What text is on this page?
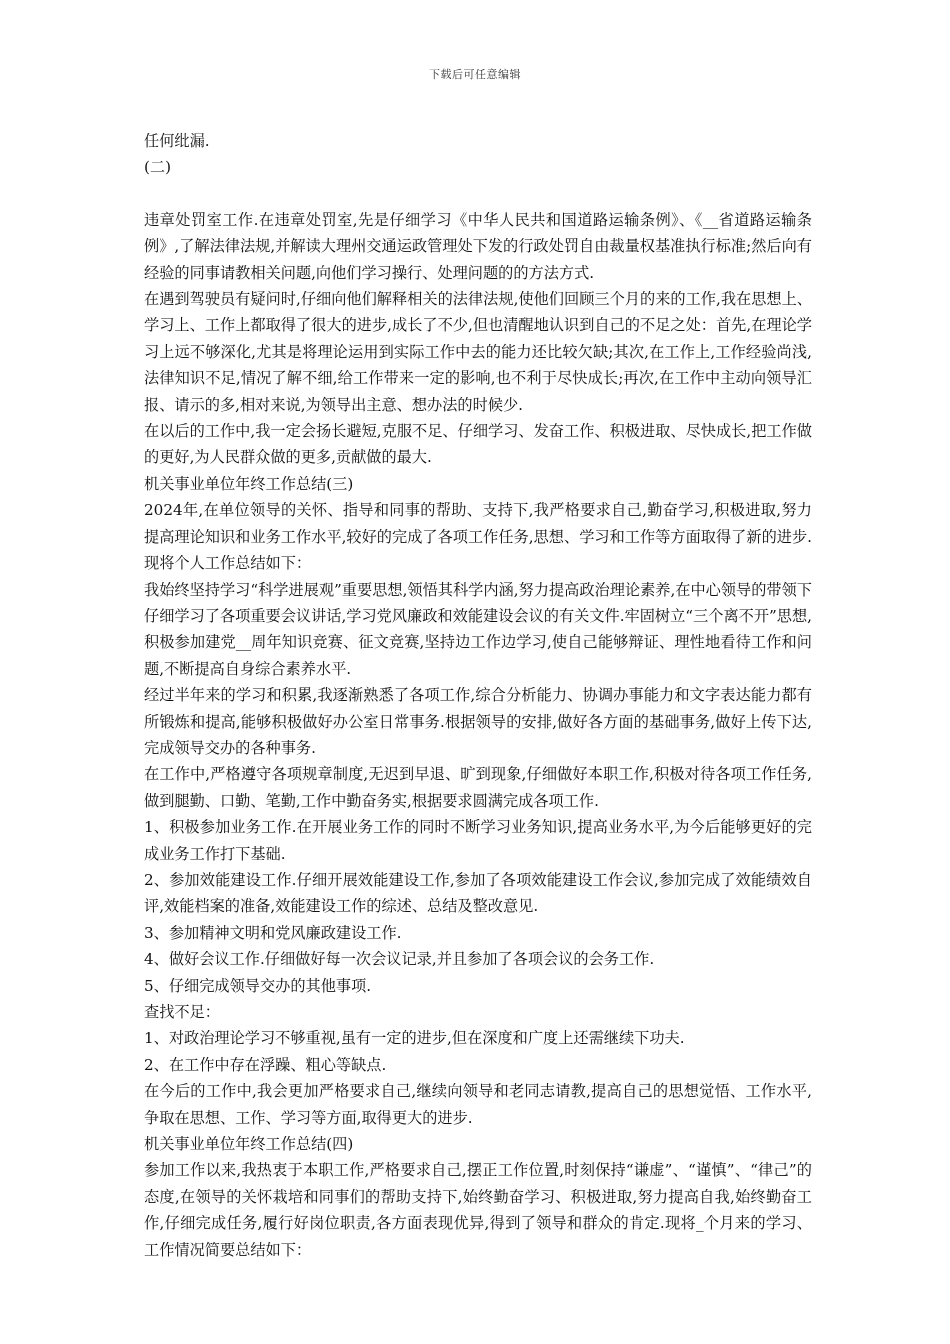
下载后可任意编辑

任何纰漏.

(二)

违章处罚室工作.在违章处罚室,先是仔细学习《中华人民共和国道路运输条例》、《__省道路运输条例》,了解法律法规,并解读大理州交通运政管理处下发的行政处罚自由裁量权基准执行标准;然后向有经验的同事请教相关问题,向他们学习操行、处理问题的的方法方式.

在遇到驾驶员有疑问时,仔细向他们解释相关的法律法规,使他们回顾三个月的来的工作,我在思想上、学习上、工作上都取得了很大的进步,成长了不少,但也清醒地认识到自己的不足之处：首先,在理论学习上远不够深化,尤其是将理论运用到实际工作中去的能力还比较欠缺;其次,在工作上,工作经验尚浅,法律知识不足,情况了解不细,给工作带来一定的影响,也不利于尽快成长;再次,在工作中主动向领导汇报、请示的多,相对来说,为领导出主意、想办法的时候少.

在以后的工作中,我一定会扬长避短,克服不足、仔细学习、发奋工作、积极进取、尽快成长,把工作做的更好,为人民群众做的更多,贡献做的最大.

机关事业单位年终工作总结(三)

2024年,在单位领导的关怀、指导和同事的帮助、支持下,我严格要求自己,勤奋学习,积极进取,努力提高理论知识和业务工作水平,较好的完成了各项工作任务,思想、学习和工作等方面取得了新的进步.现将个人工作总结如下：

我始终坚持学习“科学进展观”重要思想,领悟其科学内涵,努力提高政治理论素养,在中心领导的带领下仔细学习了各项重要会议讲话,学习党风廉政和效能建设会议的有关文件.牢固树立“三个离不开”思想,积极参加建党__周年知识竞赛、征文竞赛,坚持边工作边学习,使自己能够辩证、理性地看待工作和问题,不断提高自身综合素养水平.

经过半年来的学习和积累,我逐渐熟悉了各项工作,综合分析能力、协调办事能力和文字表达能力都有所锻炼和提高,能够积极做好办公室日常事务.根据领导的安排,做好各方面的基础事务,做好上传下达,完成领导交办的各种事务.

在工作中,严格遵守各项规章制度,无迟到早退、旷到现象,仔细做好本职工作,积极对待各项工作任务,做到腿勤、口勤、笔勤,工作中勤奋务实,根据要求圆满完成各项工作.

1、积极参加业务工作.在开展业务工作的同时不断学习业务知识,提高业务水平,为今后能够更好的完成业务工作打下基础.

2、参加效能建设工作.仔细开展效能建设工作,参加了各项效能建设工作会议,参加完成了效能绩效自评,效能档案的准备,效能建设工作的综述、总结及整改意见.

3、参加精神文明和党风廉政建设工作.

4、做好会议工作.仔细做好每一次会议记录,并且参加了各项会议的会务工作.

5、仔细完成领导交办的其他事项.

查找不足：

1、对政治理论学习不够重视,虽有一定的进步,但在深度和广度上还需继续下功夫.

2、在工作中存在浮躁、粗心等缺点.

在今后的工作中,我会更加严格要求自己,继续向领导和老同志请教,提高自己的思想觉悟、工作水平,争取在思想、工作、学习等方面,取得更大的进步.

机关事业单位年终工作总结(四)

参加工作以来,我热衷于本职工作,严格要求自己,摆正工作位置,时刻保持“谦虚”、“谨慎”、“律己”的态度,在领导的关怀栽培和同事们的帮助支持下,始终勤奋学习、积极进取,努力提高自我,始终勤奋工作,仔细完成任务,履行好岗位职责,各方面表现优异,得到了领导和群众的肯定.现将_个月来的学习、工作情况简要总结如下：
